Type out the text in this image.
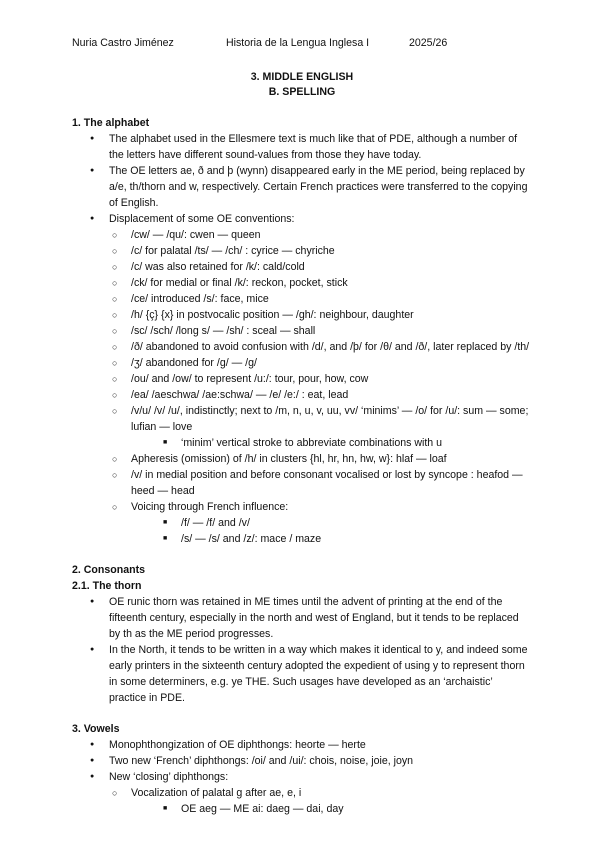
Nuria Castro Jiménez	Historia de la Lengua Inglesa I	2025/26
3. MIDDLE ENGLISH
B. SPELLING
1. The alphabet
● The alphabet used in the Ellesmere text is much like that of PDE, although a number of the letters have different sound-values from those they have today.
● The OE letters ae, ð and þ (wynn) disappeared early in the ME period, being replaced by a/e, th/thorn and w, respectively. Certain French practices were transferred to the copying of English.
● Displacement of some OE conventions:
○ /cw/ — /qu/: cwen — queen
○ /c/ for palatal /ts/ — /ch/ : cyrice — chyriche
○ /c/ was also retained for /k/: cald/cold
○ /ck/ for medial or final /k/: reckon, pocket, stick
○ /ce/ introduced /s/: face, mice
○ /h/ {ç} {x} in postvocalic position — /gh/: neighbour, daughter
○ /sc/ /sch/ /long s/ — /sh/ : sceal — shall
○ /ð/ abandoned to avoid confusion with /d/, and /þ/ for /θ/ and /ð/, later replaced by /th/
○ /ʒ/ abandoned for /g/ — /g/
○ /ou/ and /ow/ to represent /u:/: tour, pour, how, cow
○ /ea/ /aeschwa/ /ae:schwa/ — /e/ /e:/ : eat, lead
○ /v/u/ /v/ /u/, indistinctly; next to /m, n, u, v, uu, vv/ ‘minims’ — /o/ for /u/: sum — some; lufian — love
■ ‘minim’ vertical stroke to abbreviate combinations with u
○ Apheresis (omission) of /h/ in clusters {hl, hr, hn, hw, w}: hlaf — loaf
○ /v/ in medial position and before consonant vocalised or lost by syncope : heafod — heed — head
○ Voicing through French influence:
■ /f/ — /f/ and /v/
■ /s/ — /s/ and /z/: mace / maze
2. Consonants
2.1. The thorn
● OE runic thorn was retained in ME times until the advent of printing at the end of the fifteenth century, especially in the north and west of England, but it tends to be replaced by th as the ME period progresses.
● In the North, it tends to be written in a way which makes it identical to y, and indeed some early printers in the sixteenth century adopted the expedient of using y to represent thorn in some determiners, e.g. ye THE. Such usages have developed as an ‘archaistic’ practice in PDE.
3. Vowels
● Monophthongization of OE diphthongs: heorte — herte
● Two new ‘French’ diphthongs: /oi/ and /ui/: chois, noise, joie, joyn
● New ‘closing’ diphthongs:
○ Vocalization of palatal g after ae, e, i
■ OE aeg — ME ai: daeg — dai, day
